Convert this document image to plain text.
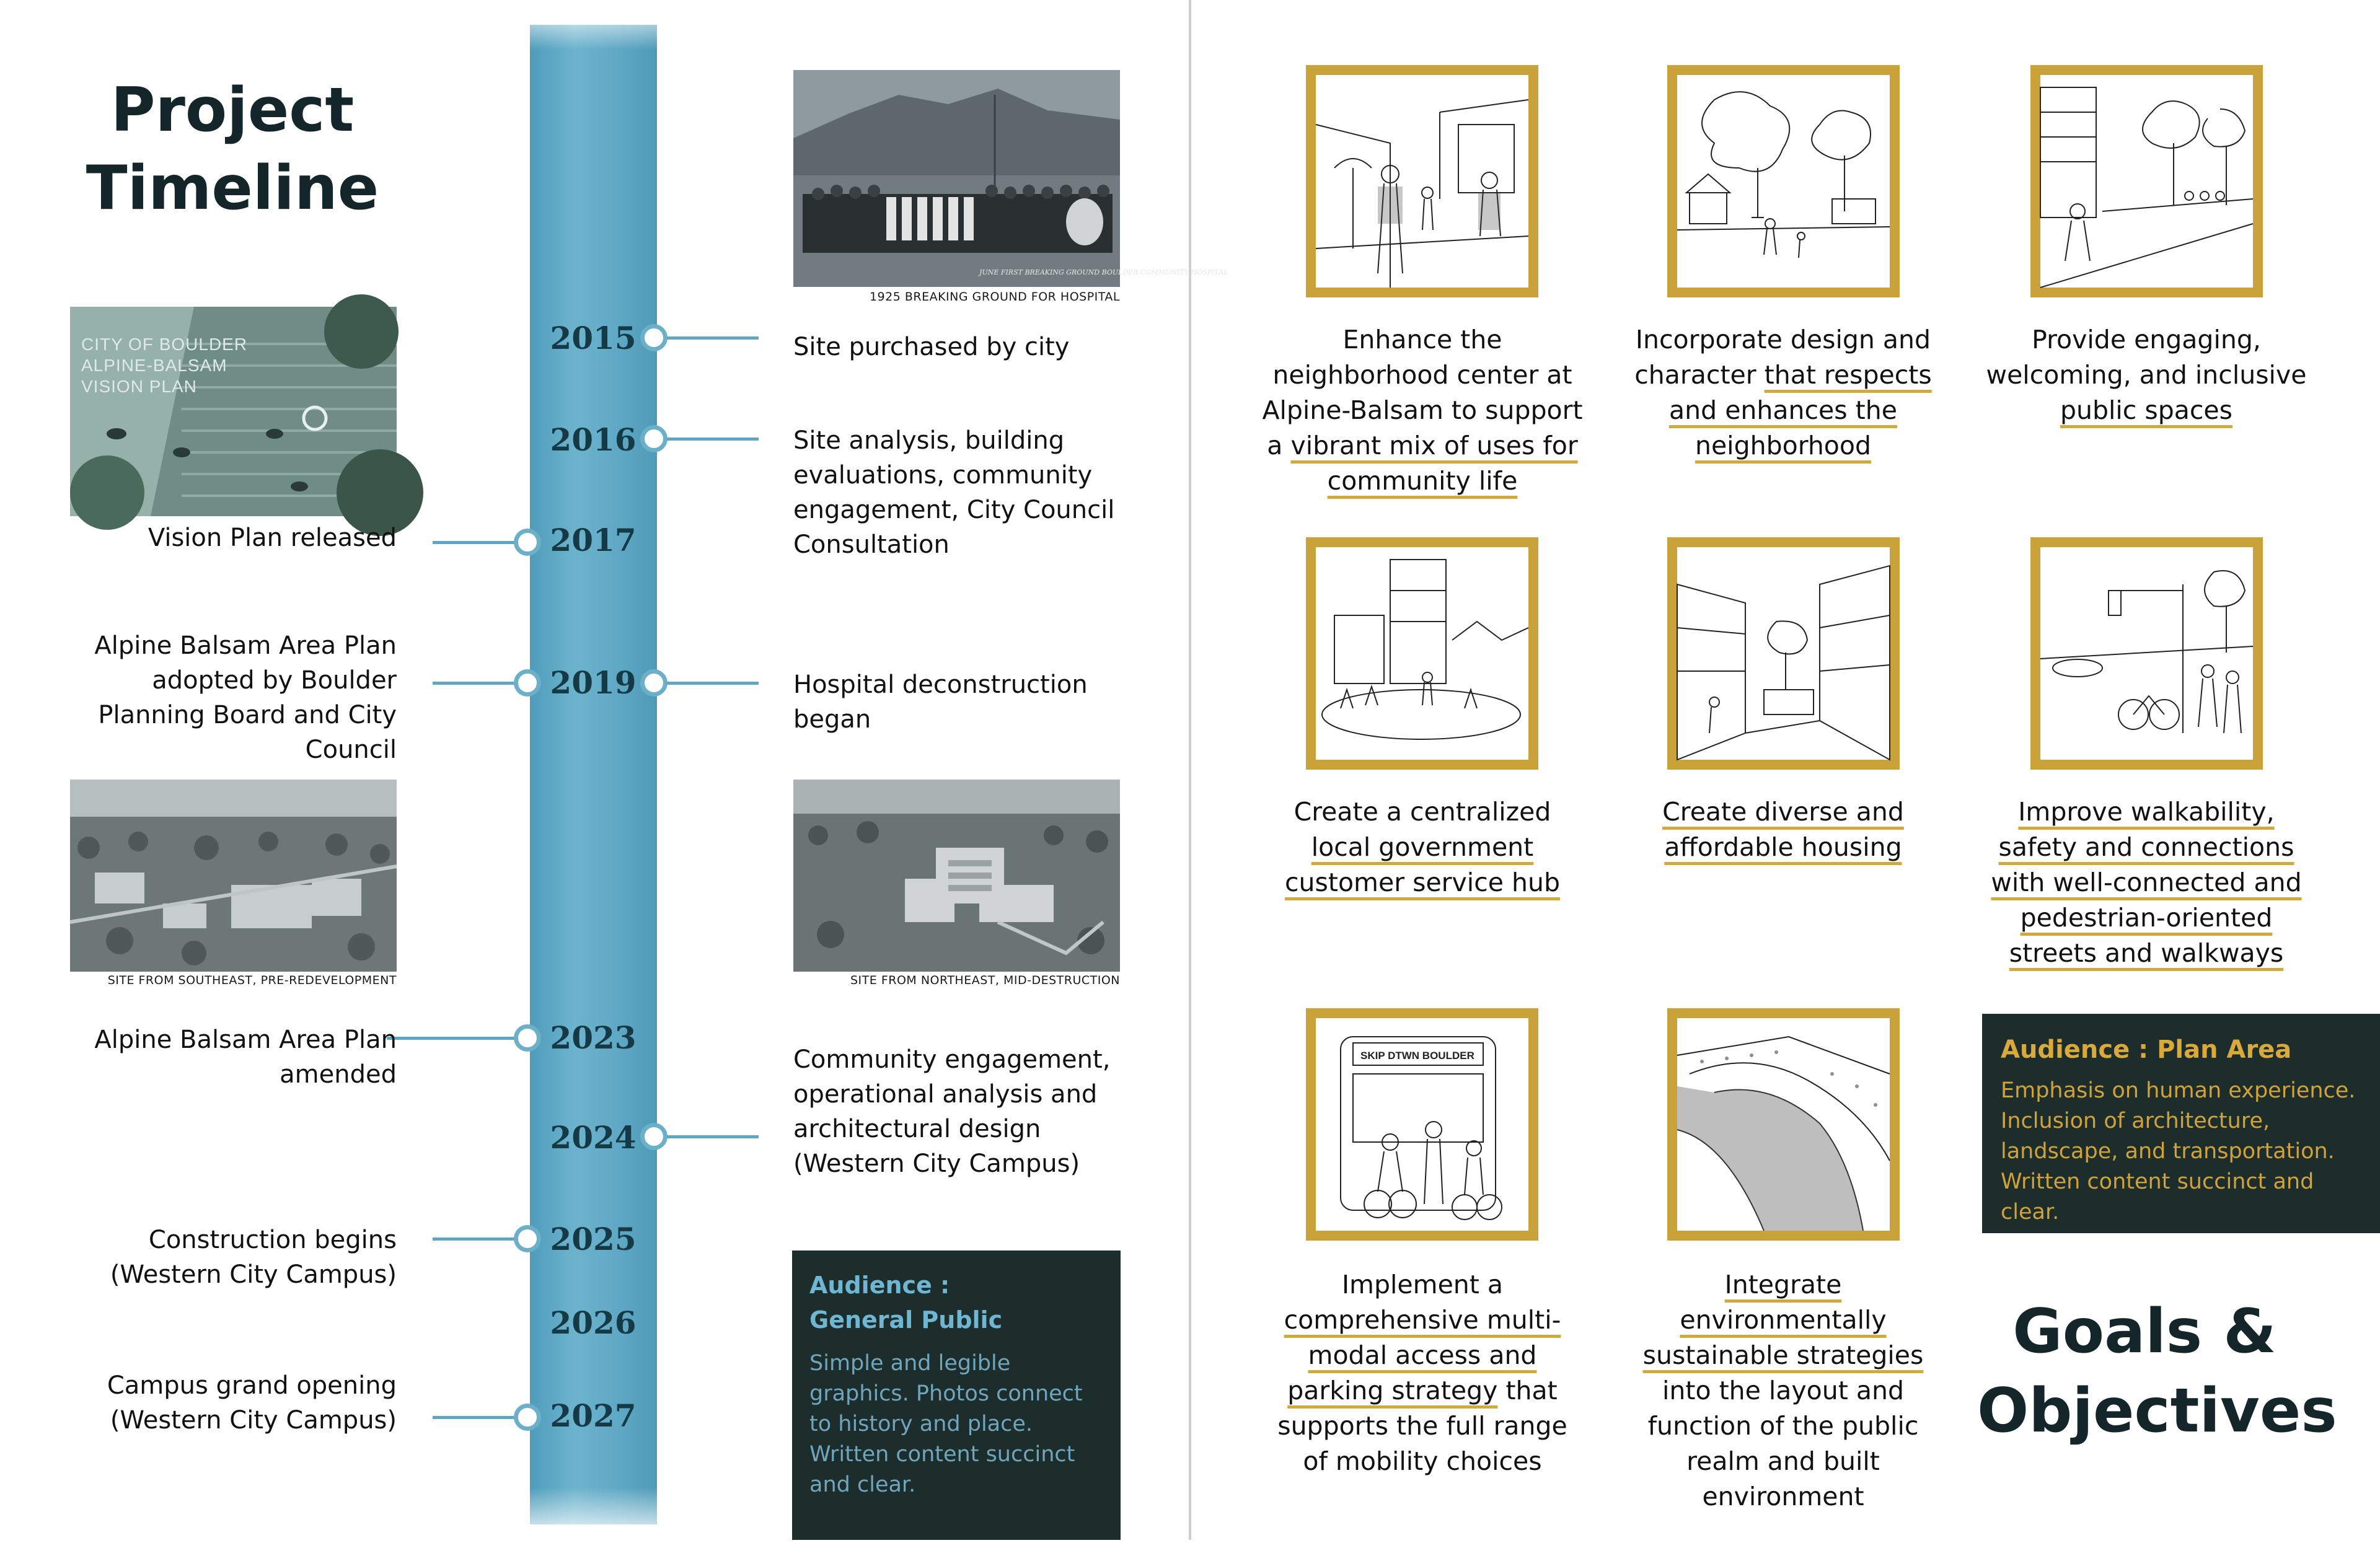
Project Timeline
CITY OF BOULDER
ALPINE-BALSAM
VISION PLAN
JUNE FIRST BREAKING GROUND BOULDER COMMUNITY HOSPITAL
1925 BREAKING GROUND FOR HOSPITAL
SITE FROM SOUTHEAST, PRE-REDEVELOPMENT	SITE FROM NORTHEAST, MID-DESTRUCTION
2015
2016
2017
2019
2023
2024
2025
2026
2027
Site purchased by city
Site analysis, building evaluations, community engagement, City Council Consultation
Hospital deconstruction began
Community engagement, operational analysis and architectural design (Western City Campus)
Vision Plan released
Alpine Balsam Area Plan adopted by Boulder Planning Board and City Council
Alpine Balsam Area Plan amended
Construction begins (Western City Campus)
Campus grand opening (Western City Campus)

Audience :
General Public

Simple and legible graphics. Photos connect to history and place. Written content succinct and clear.

SKIP DTWN BOULDER
Enhance the neighborhood center at Alpine-Balsam to support a vibrant mix of uses for community life
Incorporate design and character that respects and enhances the neighborhood
Provide engaging, welcoming, and inclusive public spaces
Create a centralized local government customer service hub
Create diverse and affordable housing
Improve walkability, safety and connections with well-connected and pedestrian-oriented streets and walkways
Implement a comprehensive multi-modal access and parking strategy that supports the full range of mobility choices
Integrate environmentally sustainable strategies into the layout and function of the public realm and built environment

Audience : Plan Area

Emphasis on human experience. Inclusion of architecture, landscape, and transportation. Written content succinct and clear.

Goals & Objectives
